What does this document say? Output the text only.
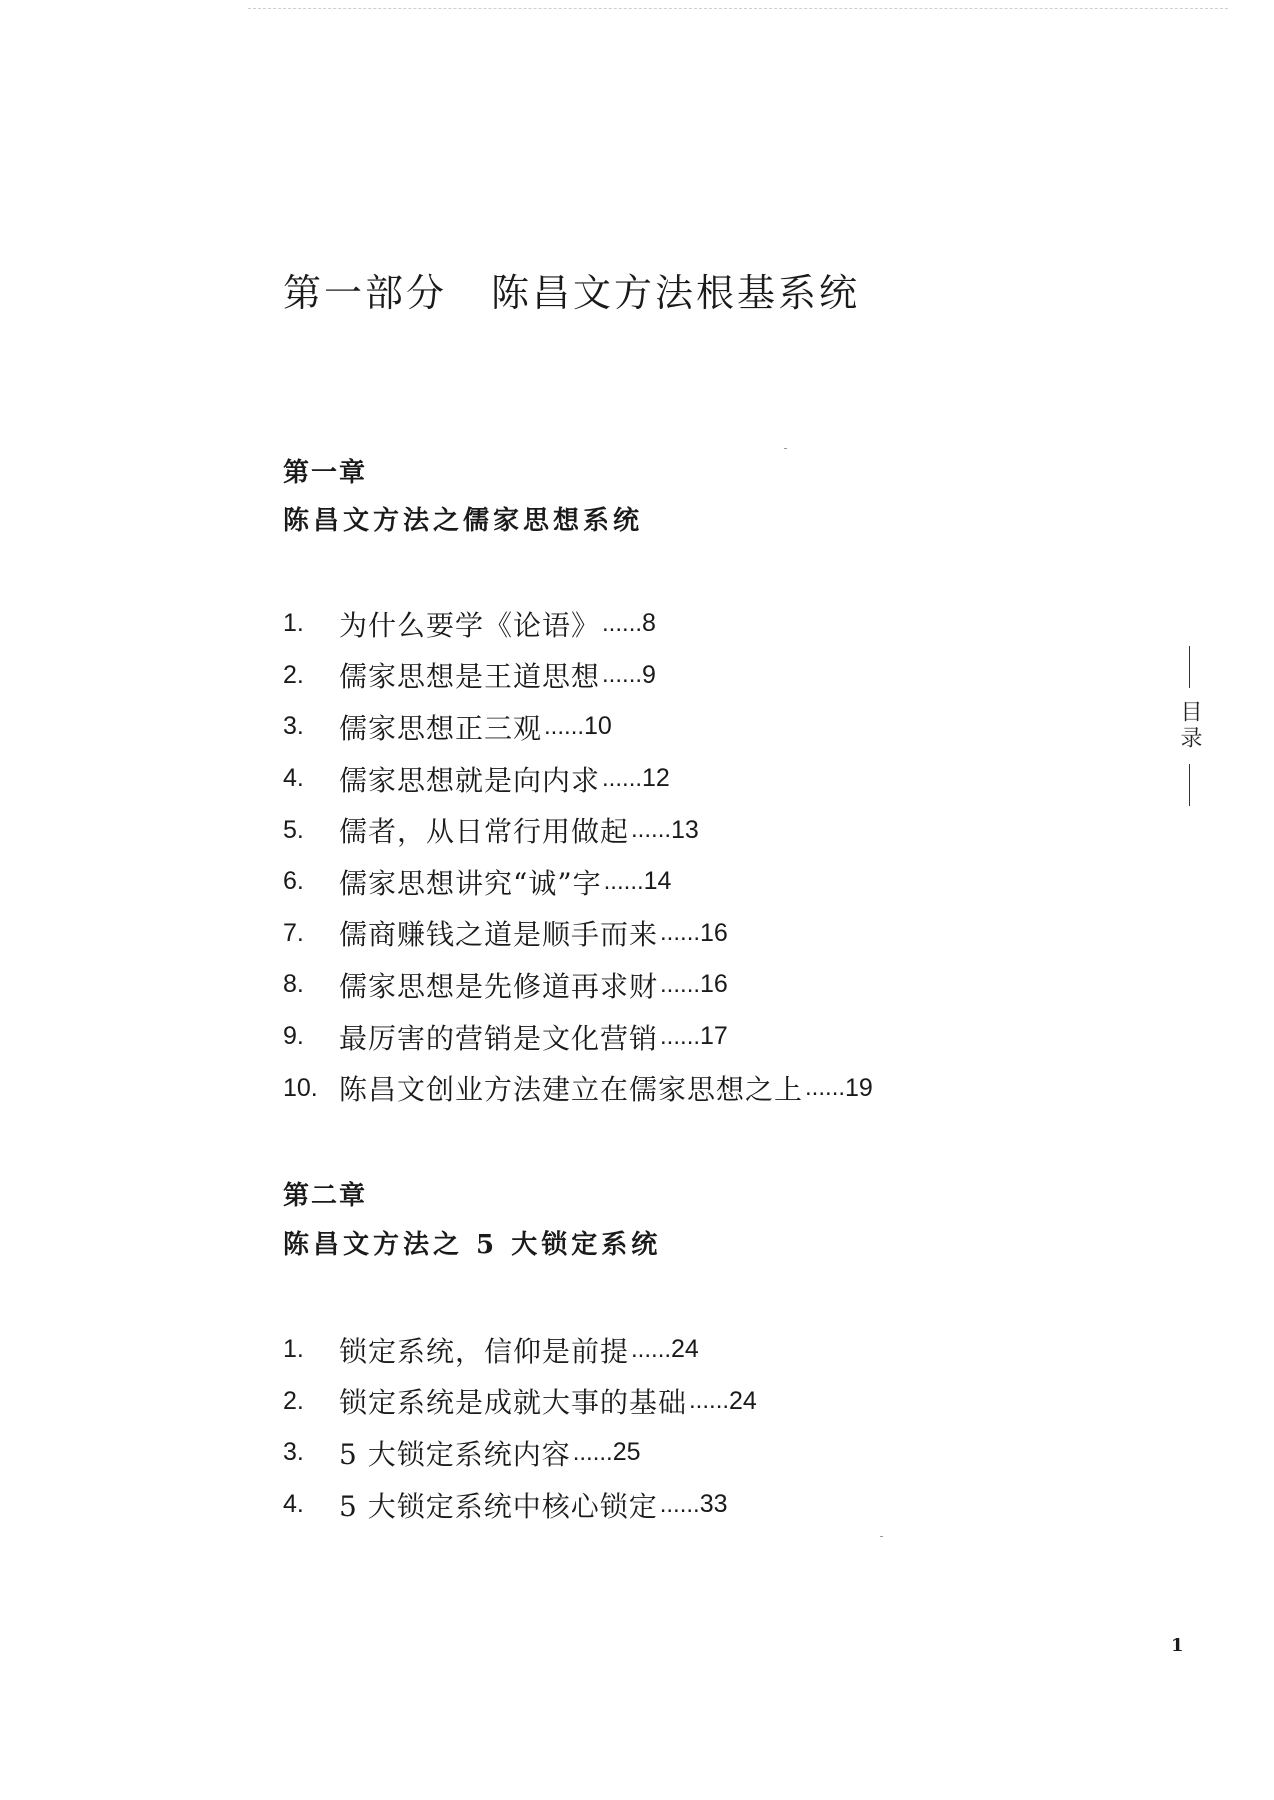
第一部分 陈昌文方法根基系统
第一章
陈昌文方法之儒家思想系统
1.	为什么要学《论语》 ...... 8
2.	儒家思想是王道思想 ...... 9
3.	儒家思想正三观 ...... 10
4.	儒家思想就是向内求 ...... 12
5.	儒者，从日常行用做起 ...... 13
6.	儒家思想讲究“诚”字 ...... 14
7.	儒商赚钱之道是顺手而来 ...... 16
8.	儒家思想是先修道再求财 ...... 16
9.	最厉害的营销是文化营销 ...... 17
10. 陈昌文创业方法建立在儒家思想之上 ...... 19
第二章
陈昌文方法之 5 大锁定系统
1.	锁定系统，信仰是前提 ...... 24
2.	锁定系统是成就大事的基础 ...... 24
3.	5 大锁定系统内容 ...... 25
4.	5 大锁定系统中核心锁定 ...... 33
目录
1
